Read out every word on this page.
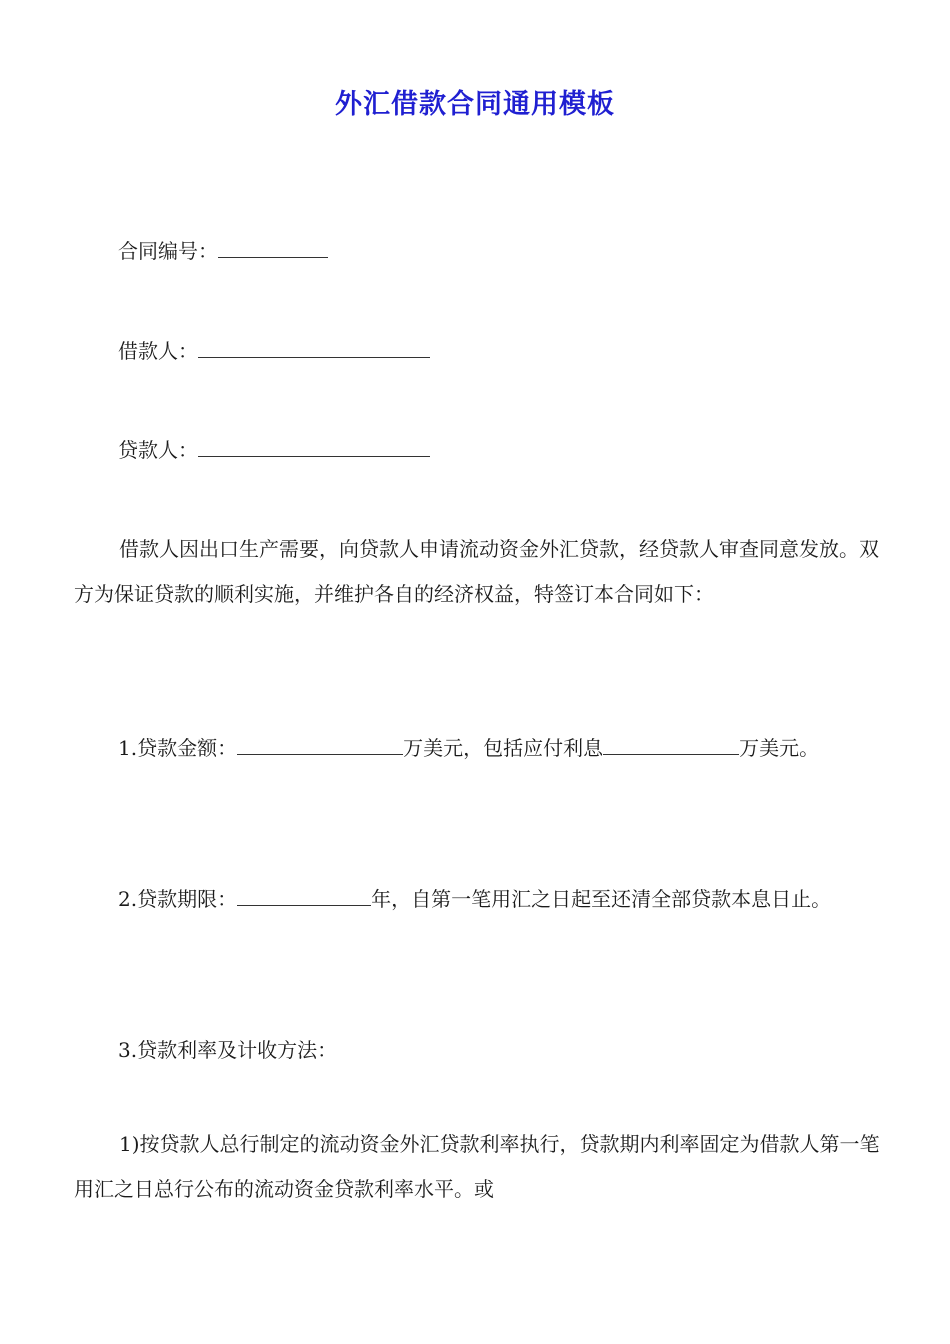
外汇借款合同通用模板
合同编号：
借款人：
贷款人：
借款人因出口生产需要，向贷款人申请流动资金外汇贷款，经贷款人审查同意发放。双方为保证贷款的顺利实施，并维护各自的经济权益，特签订本合同如下：
1.贷款金额：	万美元，包括应付利息	万美元。
2.贷款期限：	年，自第一笔用汇之日起至还清全部贷款本息日止。
3.贷款利率及计收方法：
1)按贷款人总行制定的流动资金外汇贷款利率执行，贷款期内利率固定为借款人第一笔用汇之日总行公布的流动资金贷款利率水平。或
